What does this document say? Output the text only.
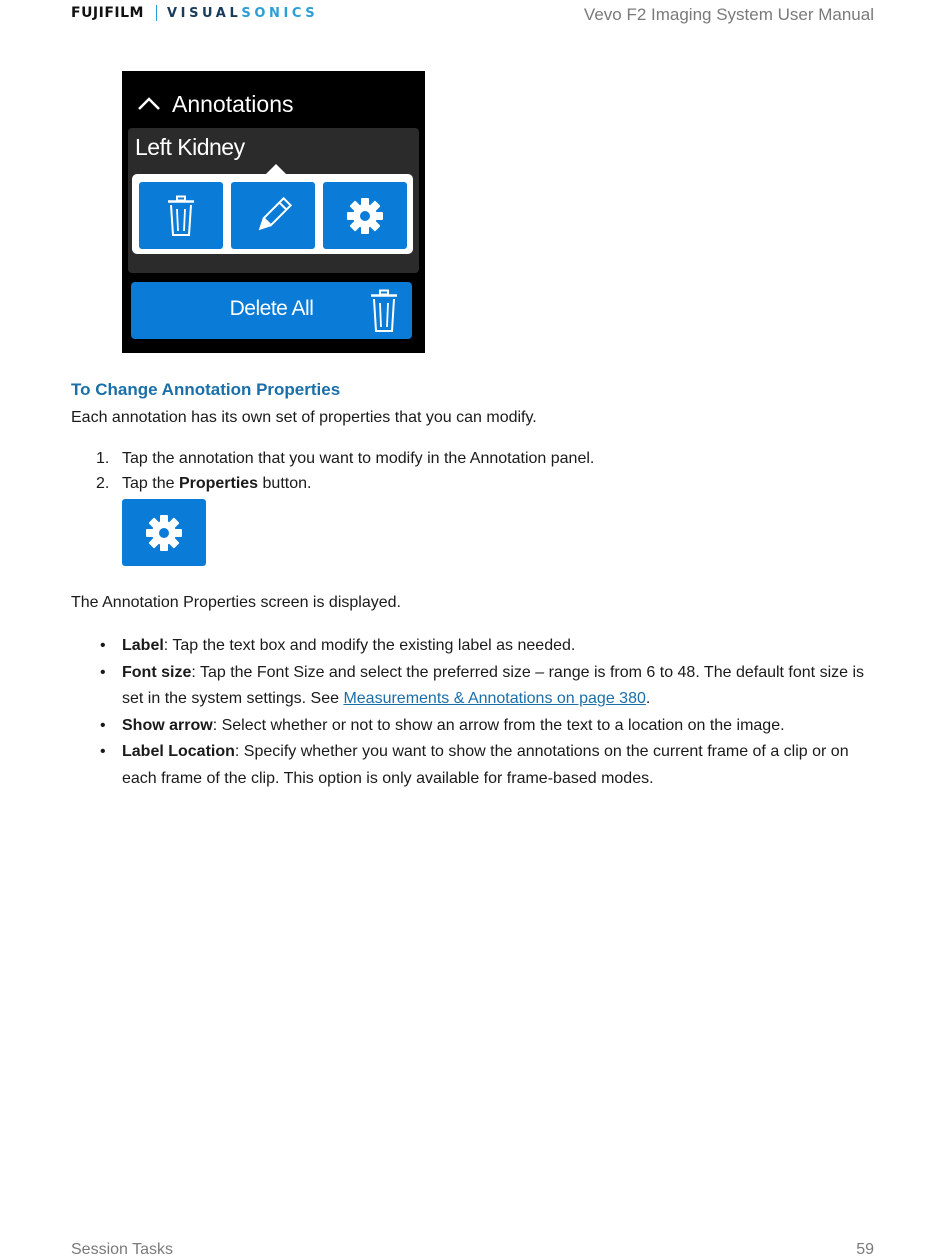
FUJIFILM VISUAL SONICS	Vevo F2 Imaging System User Manual
Annotations
Left Kidney
Delete All
To Change Annotation Properties
Each annotation has its own set of properties that you can modify.
1. Tap the annotation that you want to modify in the Annotation panel.
2. Tap the Properties button.
The Annotation Properties screen is displayed.
• Label: Tap the text box and modify the existing label as needed.
• Font size: Tap the Font Size and select the preferred size – range is from 6 to 48. The default font size is set in the system settings. See Measurements & Annotations on page 380.
• Show arrow: Select whether or not to show an arrow from the text to a location on the image.
• Label Location: Specify whether you want to show the annotations on the current frame of a clip or on each frame of the clip. This option is only available for frame-based modes.
Session Tasks	59
